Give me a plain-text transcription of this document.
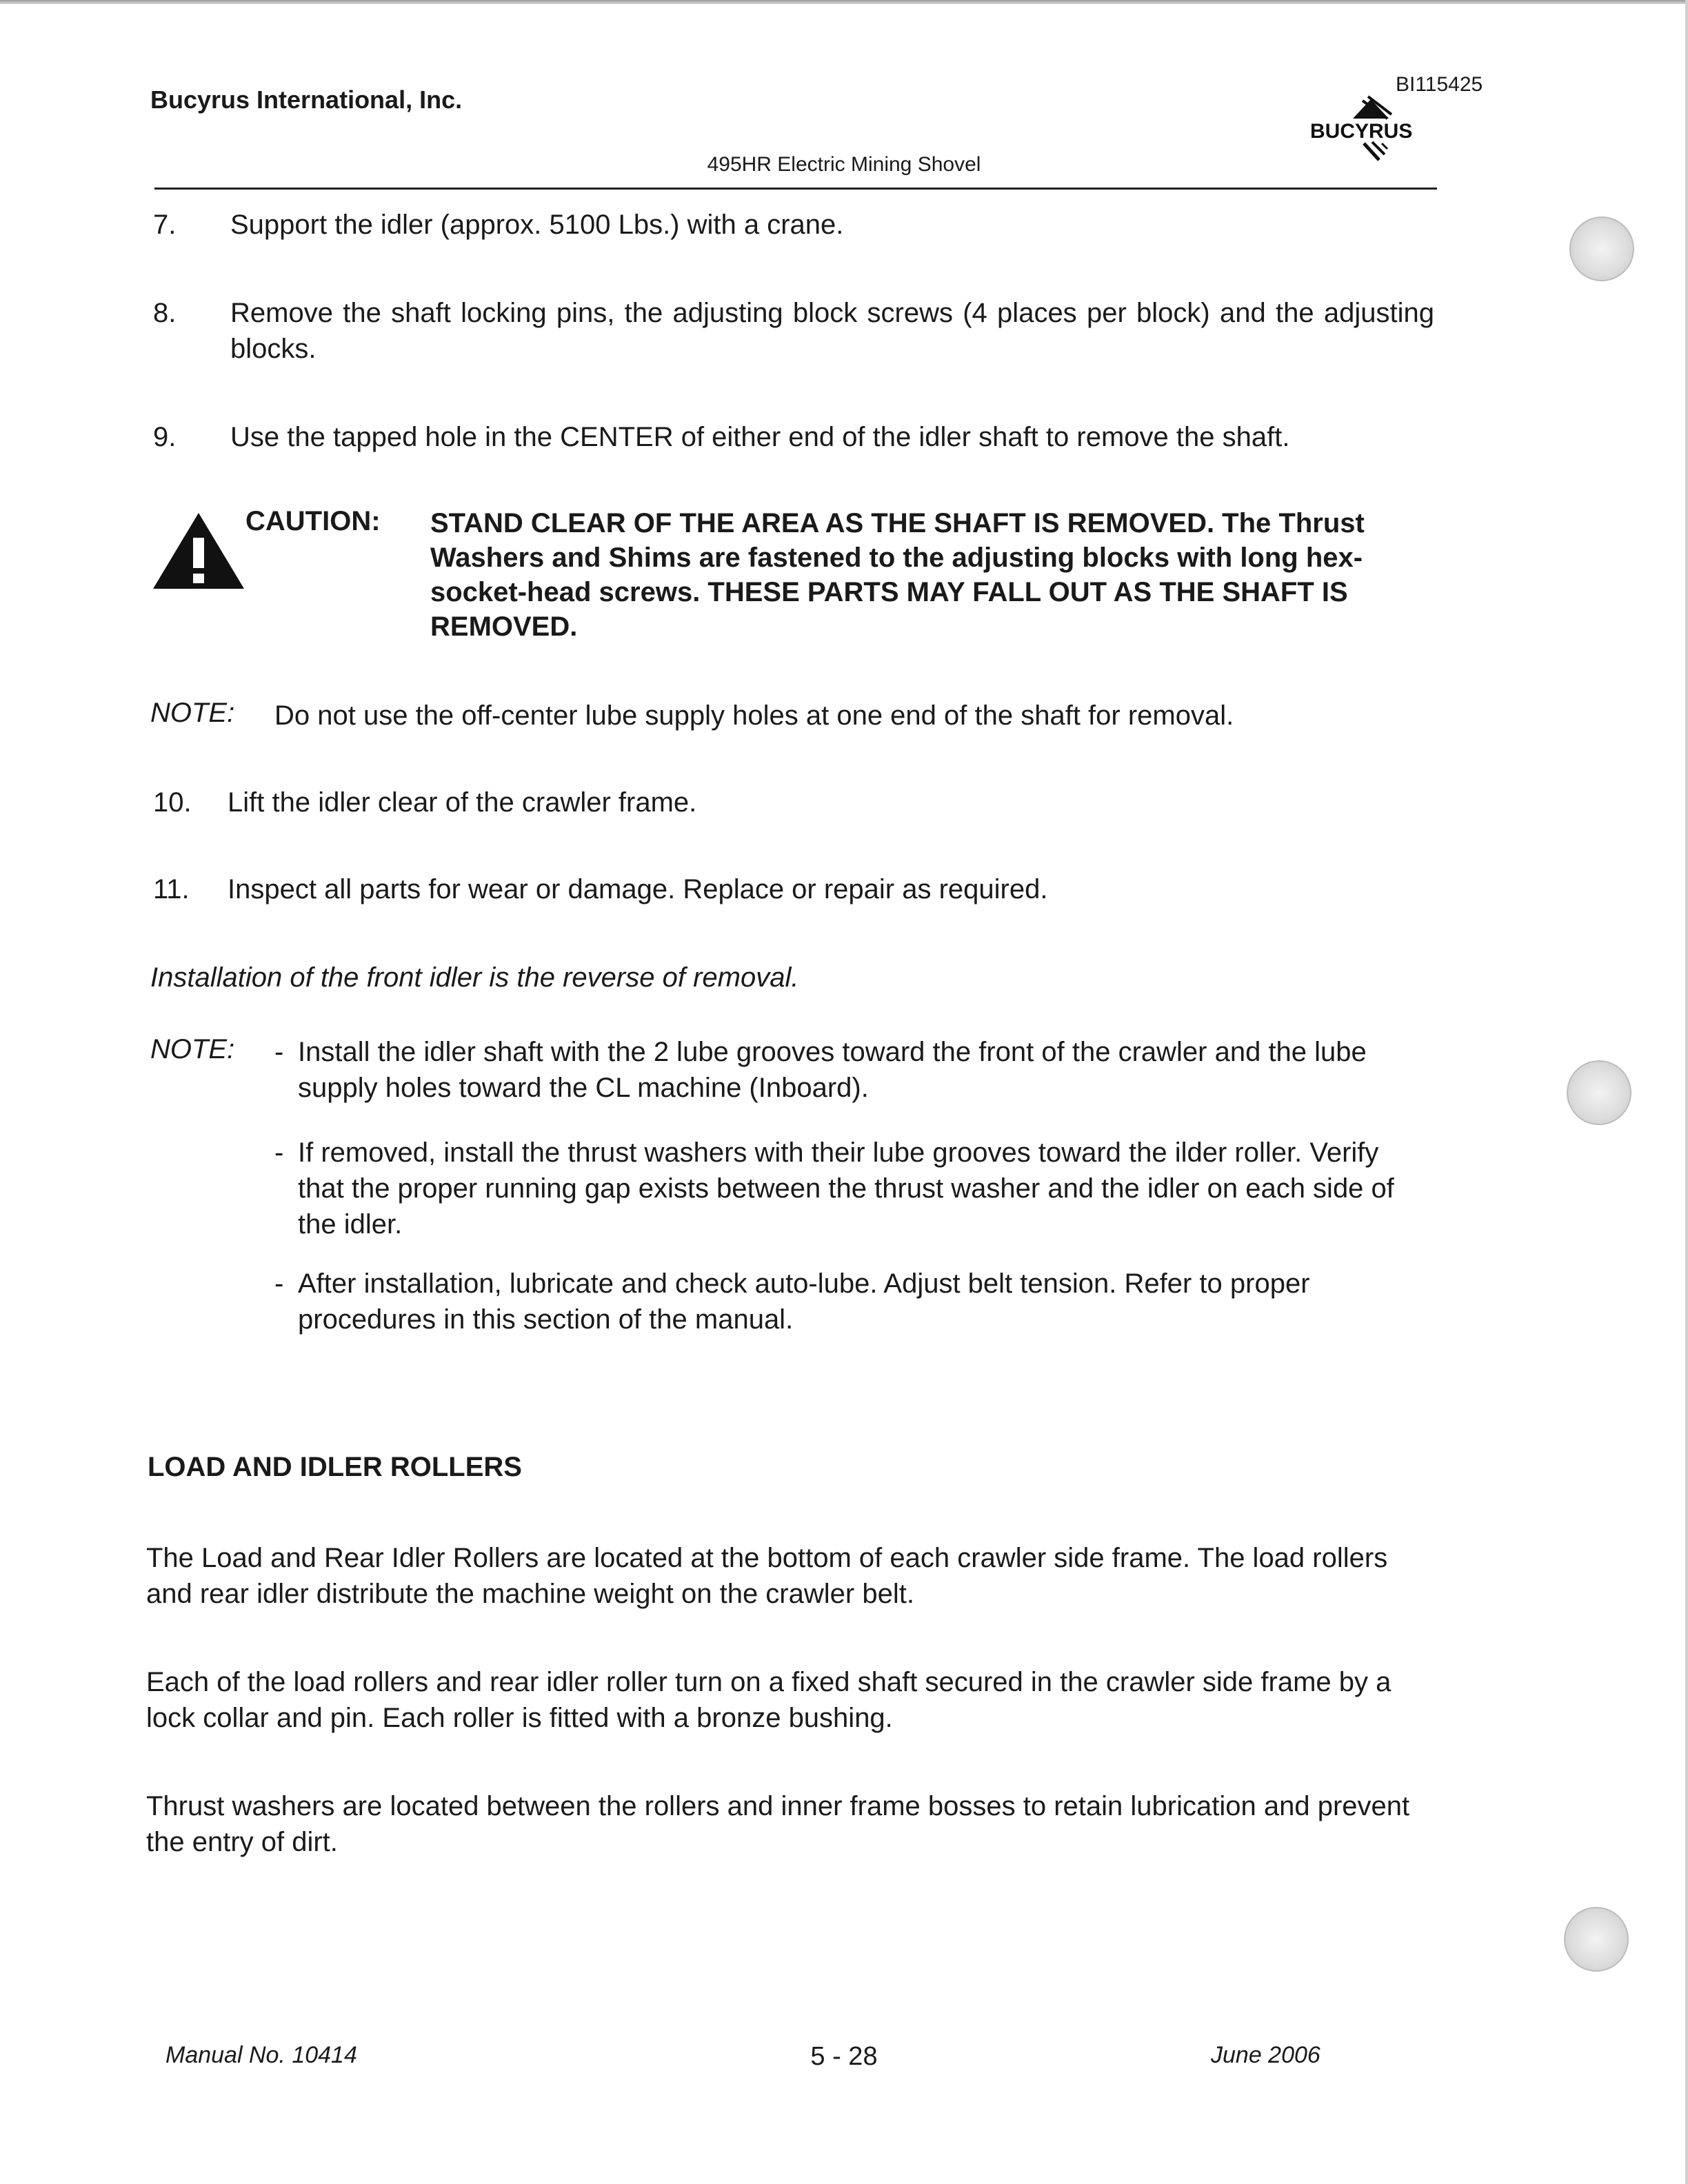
Bucyrus International, Inc.
BI115425
BUCYRUS
495HR Electric Mining Shovel
7. Support the idler (approx. 5100 Lbs.) with a crane.
8. Remove the shaft locking pins, the adjusting block screws (4 places per block) and the adjusting blocks.
9. Use the tapped hole in the CENTER of either end of the idler shaft to remove the shaft.
CAUTION: STAND CLEAR OF THE AREA AS THE SHAFT IS REMOVED. The Thrust Washers and Shims are fastened to the adjusting blocks with long hex-socket-head screws. THESE PARTS MAY FALL OUT AS THE SHAFT IS REMOVED.
NOTE: Do not use the off-center lube supply holes at one end of the shaft for removal.
10. Lift the idler clear of the crawler frame.
11. Inspect all parts for wear or damage. Replace or repair as required.
Installation of the front idler is the reverse of removal.
NOTE: - Install the idler shaft with the 2 lube grooves toward the front of the crawler and the lube supply holes toward the CL machine (Inboard).
- If removed, install the thrust washers with their lube grooves toward the ilder roller. Verify that the proper running gap exists between the thrust washer and the idler on each side of the idler.
- After installation, lubricate and check auto-lube. Adjust belt tension. Refer to proper procedures in this section of the manual.
LOAD AND IDLER ROLLERS
The Load and Rear Idler Rollers are located at the bottom of each crawler side frame. The load rollers and rear idler distribute the machine weight on the crawler belt.
Each of the load rollers and rear idler roller turn on a fixed shaft secured in the crawler side frame by a lock collar and pin. Each roller is fitted with a bronze bushing.
Thrust washers are located between the rollers and inner frame bosses to retain lubrication and prevent the entry of dirt.
Manual No. 10414	5 - 28	June 2006
